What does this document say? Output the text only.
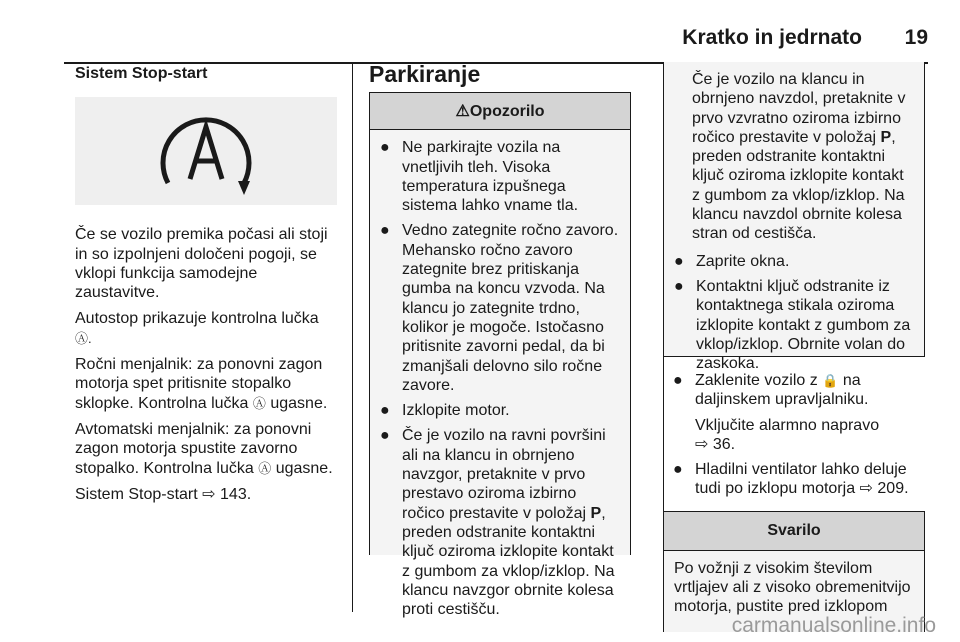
Kratko in jedrnato 19
Sistem Stop-start

Če se vozilo premika počasi ali stoji in so izpolnjeni določeni pogoji, se vklopi funkcija samodejne zaustavitve.

Autostop prikazuje kontrolna lučka
Ⓐ.

Ročni menjalnik: za ponovni zagon motorja spet pritisnite stopalko sklopke. Kontrolna lučka Ⓐ ugasne.

Avtomatski menjalnik: za ponovni zagon motorja spustite zavorno stopalko. Kontrolna lučka Ⓐ ugasne.

Sistem Stop-start ⇨ 143.

Parkiranje
⚠ Opozorilo
● Ne parkirajte vozila na vnetljivih tleh. Visoka temperatura izpušnega sistema lahko vname tla.
● Vedno zategnite ročno zavoro. Mehansko ročno zavoro zategnite brez pritiskanja gumba na koncu vzvoda. Na klancu jo zategnite trdno, kolikor je mogoče. Istočasno pritisnite zavorni pedal, da bi zmanjšali delovno silo ročne zavore.
● Izklopite motor.
● Če je vozilo na ravni površini ali na klancu in obrnjeno navzgor, pretaknite v prvo prestavo oziroma izbirno ročico prestavite v položaj P, preden odstranite kontaktni ključ oziroma izklopite kontakt z gumbom za vklop/izklop. Na klancu navzgor obrnite kolesa proti cestišču.

Če je vozilo na klancu in obrnjeno navzdol, pretaknite v prvo vzvratno oziroma izbirno ročico prestavite v položaj P, preden odstranite kontaktni ključ oziroma izklopite kontakt z gumbom za vklop/izklop. Na klancu navzdol obrnite kolesa stran od cestišča.

● Zaprite okna.
● Kontaktni ključ odstranite iz kontaktnega stikala oziroma izklopite kontakt z gumbom za vklop/izklop. Obrnite volan do zaskoka.
● Zaklenite vozilo z 🔒 na daljinskem upravljalniku.

Vključite alarmno napravo
⇨ 36.

● Hladilni ventilator lahko deluje tudi po izklopu motorja ⇨ 209.
Svarilo

Po vožnji z visokim številom vrtljajev ali z visoko obremenitvijo motorja, pustite pred izklopom

carmanualsonline.info
